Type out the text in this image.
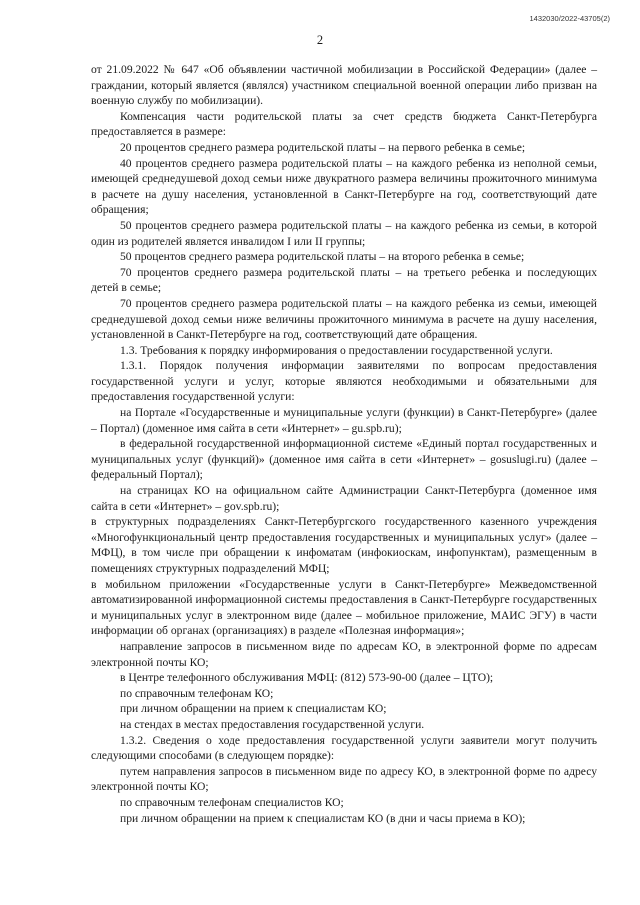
1432030/2022-43705(2)
2

от 21.09.2022 № 647 «Об объявлении частичной мобилизации в Российской Федерации» (далее – граждании, который является (являлся) участником специальной военной операции либо призван на военную службу по мобилизации).

Компенсация части родительской платы за счет средств бюджета Санкт-Петербурга предоставляется в размере:

20 процентов среднего размера родительской платы – на первого ребенка в семье;

40 процентов среднего размера родительской платы – на каждого ребенка из неполной семьи, имеющей среднедушевой доход семьи ниже двукратного размера величины прожиточного минимума в расчете на душу населения, установленной в Санкт-Петербурге на год, соответствующий дате обращения;

50 процентов среднего размера родительской платы – на каждого ребенка из семьи, в которой один из родителей является инвалидом I или II группы;

50 процентов среднего размера родительской платы – на второго ребенка в семье;

70 процентов среднего размера родительской платы – на третьего ребенка и последующих детей в семье;

70 процентов среднего размера родительской платы – на каждого ребенка из семьи, имеющей среднедушевой доход семьи ниже величины прожиточного минимума в расчете на душу населения, установленной в Санкт-Петербурге на год, соответствующий дате обращения.

1.3. Требования к порядку информирования о предоставлении государственной услуги.

1.3.1. Порядок получения информации заявителями по вопросам предоставления государственной услуги и услуг, которые являются необходимыми и обязательными для предоставления государственной услуги:

на Портале «Государственные и муниципальные услуги (функции) в Санкт-Петербурге» (далее – Портал) (доменное имя сайта в сети «Интернет» – gu.spb.ru);

в федеральной государственной информационной системе «Единый портал государственных и муниципальных услуг (функций)» (доменное имя сайта в сети «Интернет» – gosuslugi.ru) (далее – федеральный Портал);

на страницах КО на официальном сайте Администрации Санкт-Петербурга (доменное имя сайта в сети «Интернет» – gov.spb.ru);

в структурных подразделениях Санкт-Петербургского государственного казенного учреждения «Многофункциональный центр предоставления государственных и муниципальных услуг» (далее – МФЦ), в том числе при обращении к инфоматам (инфокиоскам, инфопунктам), размещенным в помещениях структурных подразделений МФЦ;

в мобильном приложении «Государственные услуги в Санкт-Петербурге» Межведомственной автоматизированной информационной системы предоставления в Санкт-Петербурге государственных и муниципальных услуг в электронном виде (далее – мобильное приложение, МАИС ЭГУ) в части информации об органах (организациях) в разделе «Полезная информация»;

направление запросов в письменном виде по адресам КО, в электронной форме по адресам электронной почты КО;

в Центре телефонного обслуживания МФЦ: (812) 573-90-00 (далее – ЦТО);

по справочным телефонам КО;

при личном обращении на прием к специалистам КО;

на стендах в местах предоставления государственной услуги.

1.3.2. Сведения о ходе предоставления государственной услуги заявители могут получить следующими способами (в следующем порядке):

путем направления запросов в письменном виде по адресу КО, в электронной форме по адресу электронной почты КО;

по справочным телефонам специалистов КО;

при личном обращении на прием к специалистам КО (в дни и часы приема в КО);
